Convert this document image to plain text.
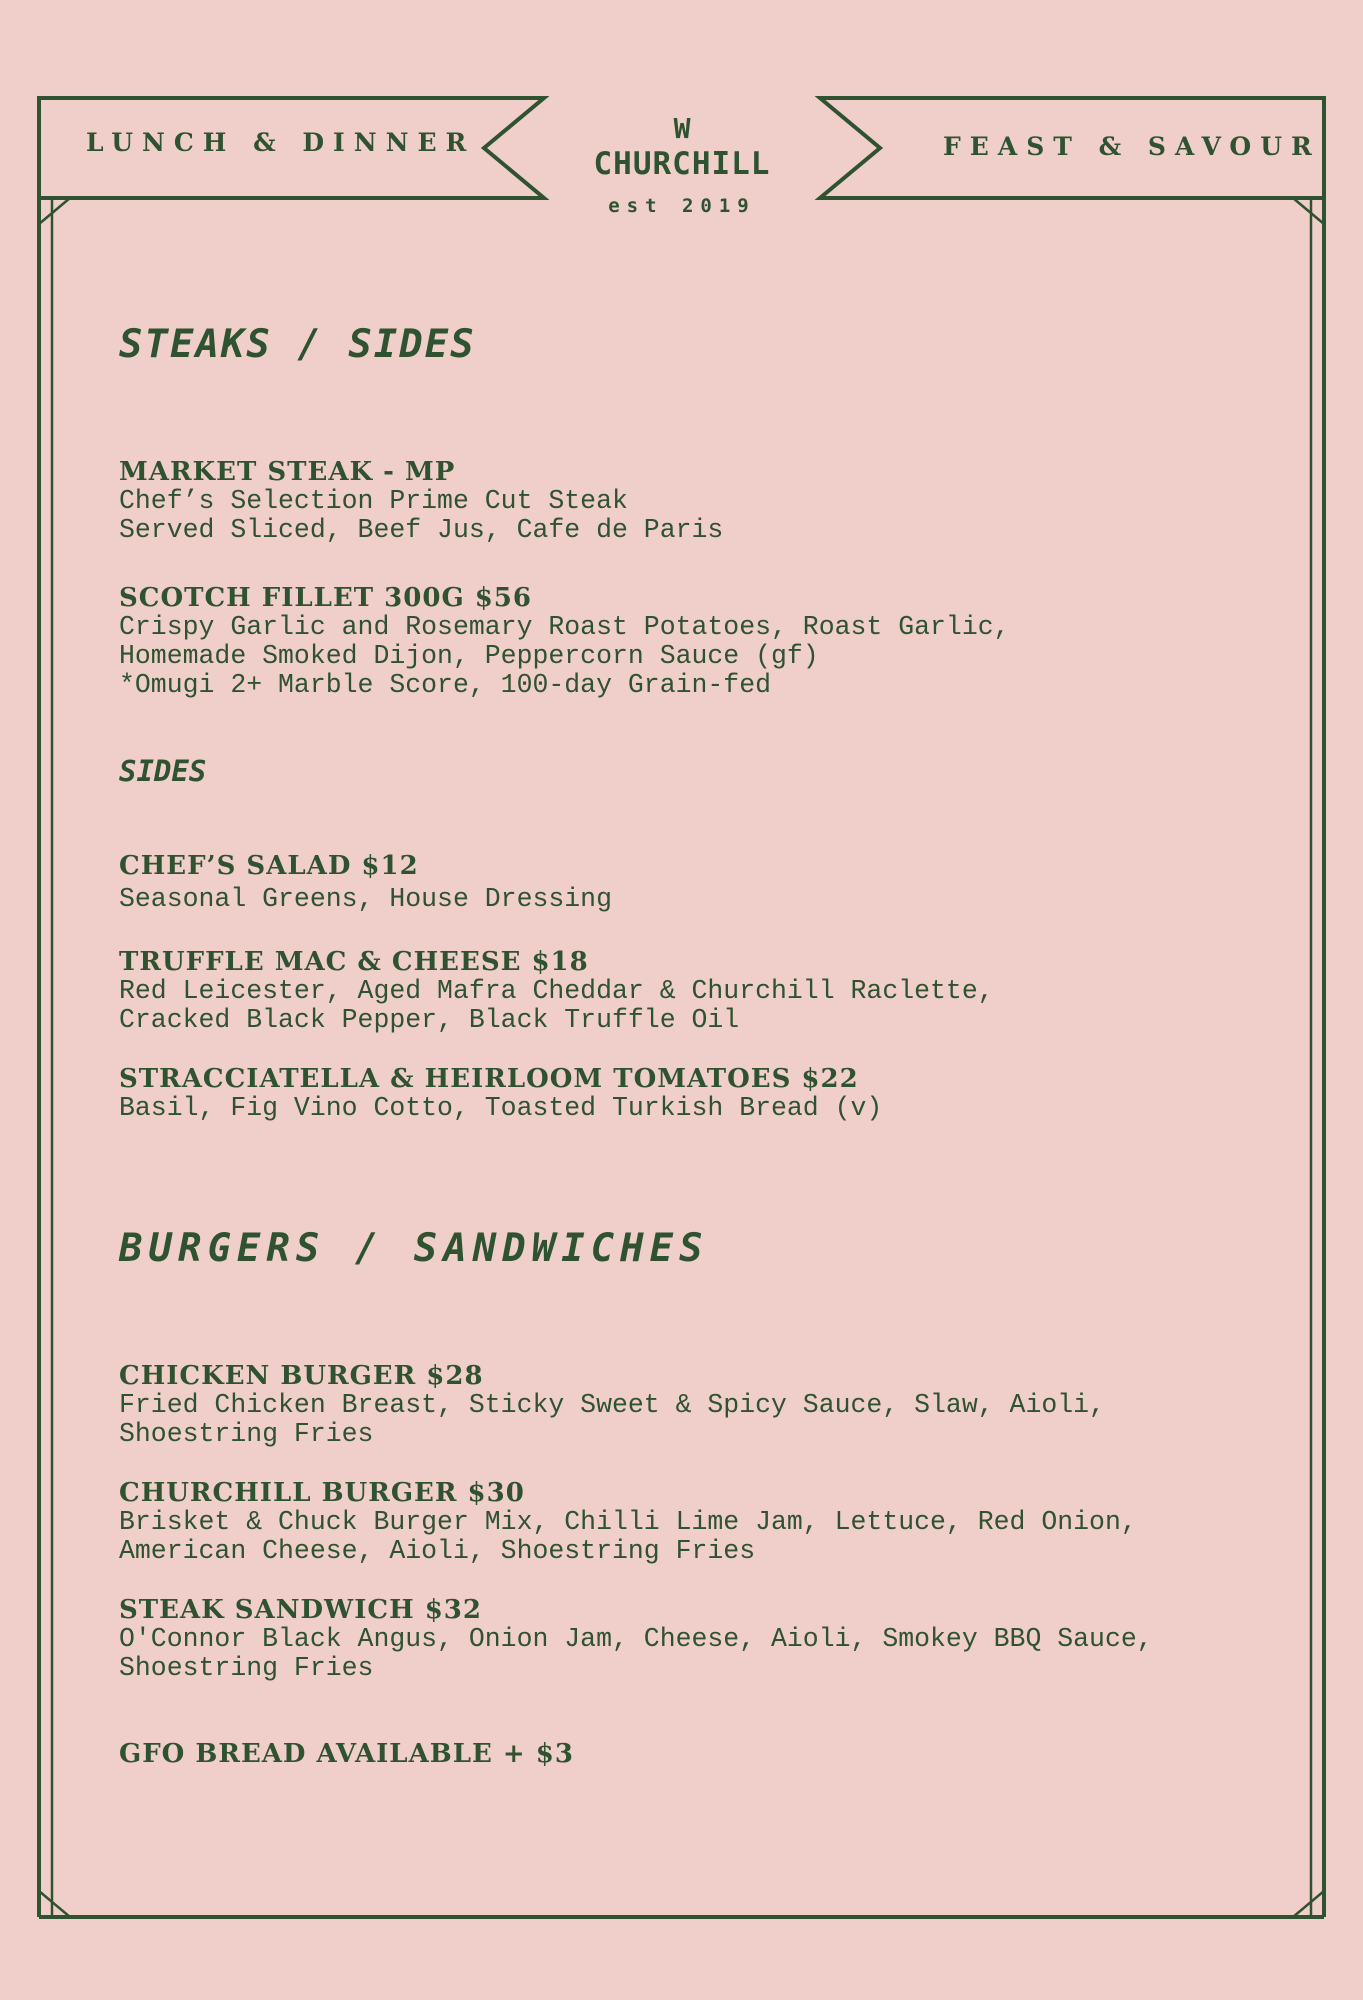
LUNCH & DINNER	FEAST & SAVOUR
W
CHURCHILL
est 2019
STEAKS / SIDES
MARKET STEAK - MP
Chef’s Selection Prime Cut Steak
Served Sliced, Beef Jus, Cafe de Paris
SCOTCH FILLET 300G $56
Crispy Garlic and Rosemary Roast Potatoes, Roast Garlic,
Homemade Smoked Dijon, Peppercorn Sauce (gf)
*Omugi 2+ Marble Score, 100-day Grain-fed
SIDES
CHEF’S SALAD $12
Seasonal Greens, House Dressing
TRUFFLE MAC & CHEESE $18
Red Leicester, Aged Mafra Cheddar & Churchill Raclette,
Cracked Black Pepper, Black Truffle Oil
STRACCIATELLA & HEIRLOOM TOMATOES $22
Basil, Fig Vino Cotto, Toasted Turkish Bread (v)
BURGERS / SANDWICHES
CHICKEN BURGER $28
Fried Chicken Breast, Sticky Sweet & Spicy Sauce, Slaw, Aioli,
Shoestring Fries
CHURCHILL BURGER $30
Brisket & Chuck Burger Mix, Chilli Lime Jam, Lettuce, Red Onion,
American Cheese, Aioli, Shoestring Fries
STEAK SANDWICH $32
O'Connor Black Angus, Onion Jam, Cheese, Aioli, Smokey BBQ Sauce,
Shoestring Fries
GFO BREAD AVAILABLE + $3
